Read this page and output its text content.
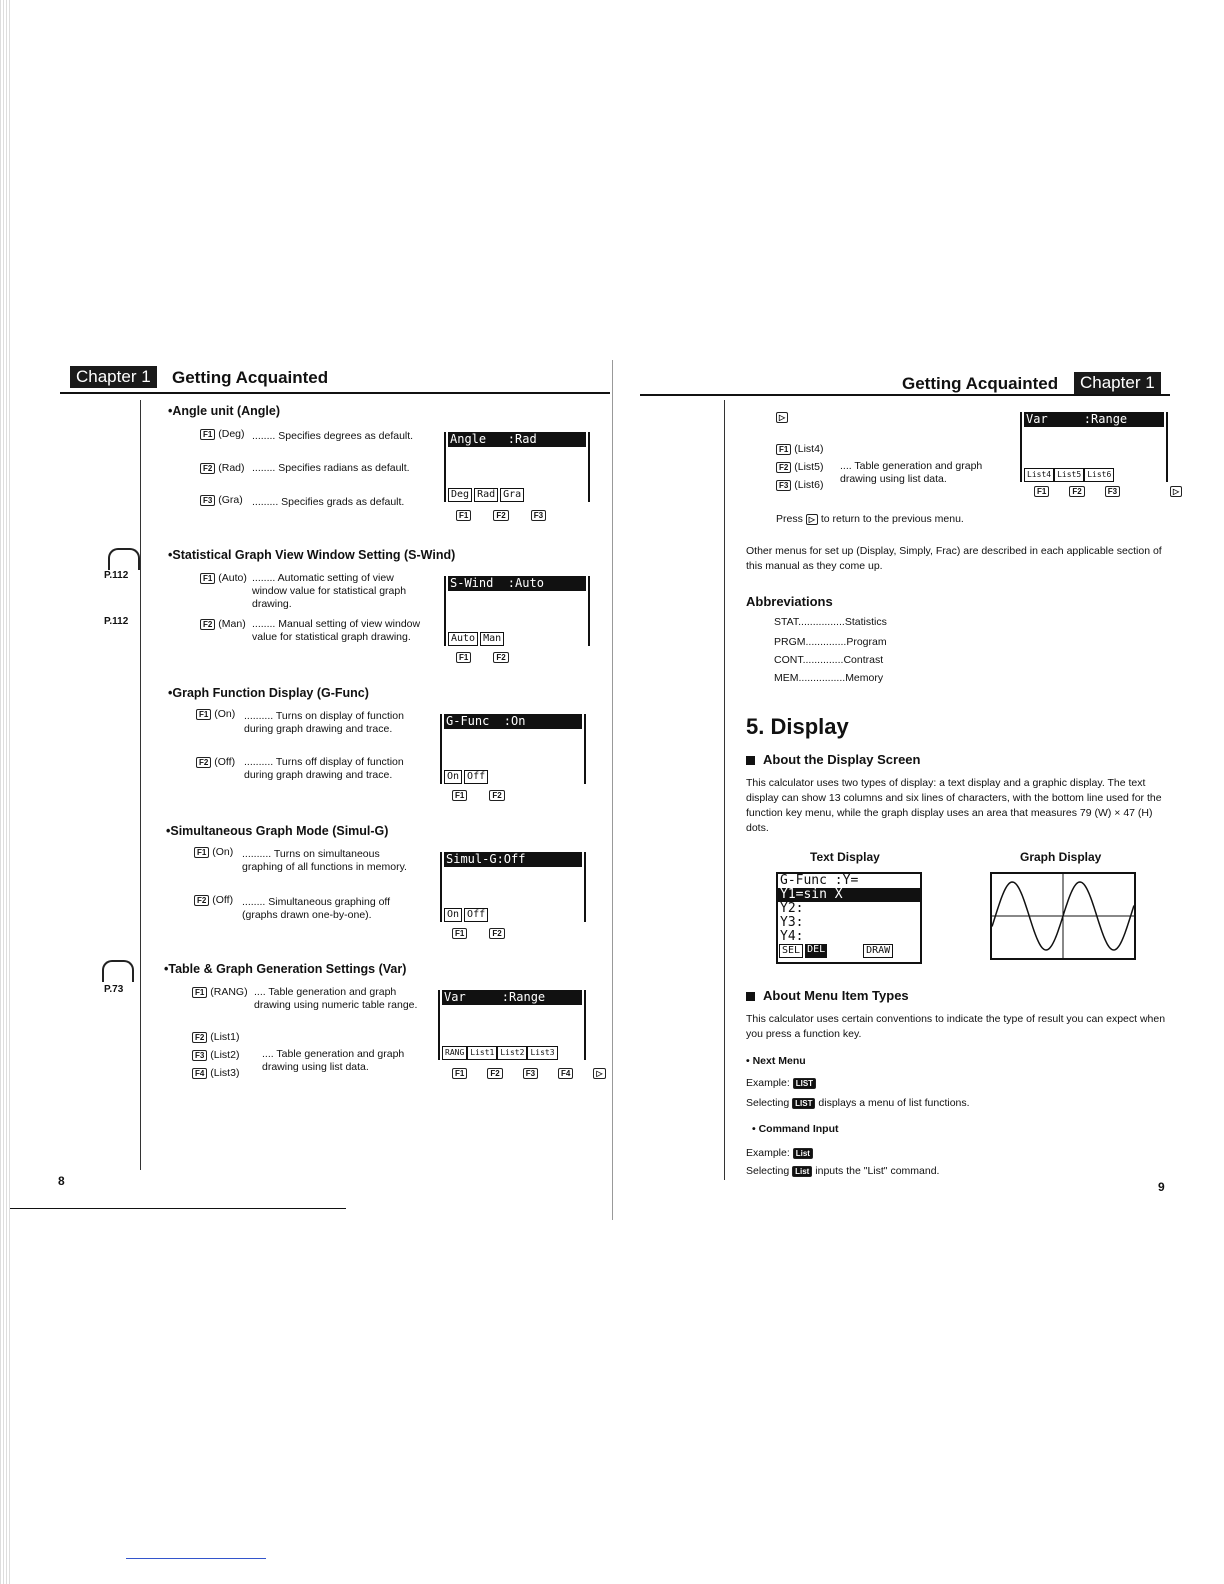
Chapter 1	Getting Acquainted
•Angle unit (Angle)
F1 (Deg) ........ Specifies degrees as default.
F2 (Rad) ........ Specifies radians as default.
F3 (Gra) ......... Specifies grads as default.
Angle   :Rad
Deg Rad Gra
F1	F2	F3
P.112
P.112
•Statistical Graph View Window Setting (S-Wind)
F1 (Auto) ........ Automatic setting of view window value for statistical graph drawing.
F2 (Man) ........ Manual setting of view window value for statistical graph drawing.
S-Wind  :Auto
Auto Man
F1	F2
•Graph Function Display (G-Func)
F1 (On) .......... Turns on display of function during graph drawing and trace.
F2 (Off) .......... Turns off display of function during graph drawing and trace.
G-Func  :On
On Off
F1	F2
•Simultaneous Graph Mode (Simul-G)
F1 (On) .......... Turns on simultaneous graphing of all functions in memory.
F2 (Off) ........ Simultaneous graphing off (graphs drawn one-by-one).
Simul-G:Off
On Off
F1	F2
P.73
•Table & Graph Generation Settings (Var)
F1 (RANG) .... Table generation and graph drawing using numeric table range.
F2 (List1)
F3 (List2)
F4 (List3)
.... Table generation and graph drawing using list data.
Var     :Range
RANG List1 List2 List3
F1	F2	F3	F4	▷
8
Getting Acquainted	Chapter 1
▷
F1 (List4)
F2 (List5)
F3 (List6)
.... Table generation and graph drawing using list data.
Var     :Range
List4 List5 List6
F1	F2	F3	▷
Press ▷ to return to the previous menu.
Other menus for set up (Display, Simply, Frac) are described in each applicable section of this manual as they come up.
Abbreviations
STAT................Statistics
PRGM..............Program
CONT..............Contrast
MEM................Memory
5. Display
About the Display Screen
This calculator uses two types of display: a text display and a graphic display. The text display can show 13 columns and six lines of characters, with the bottom line used for the function key menu, while the graph display uses an area that measures 79 (W) × 47 (H) dots.
Text Display	Graph Display
G-Func :Y=
Y1=sin X
Y2:
Y3:
Y4:
SEL DEL	DRAW
About Menu Item Types
This calculator uses certain conventions to indicate the type of result you can expect when you press a function key.
• Next Menu
Example: LIST
Selecting LIST displays a menu of list functions.
• Command Input
Example: List
Selecting List inputs the "List" command.
9
